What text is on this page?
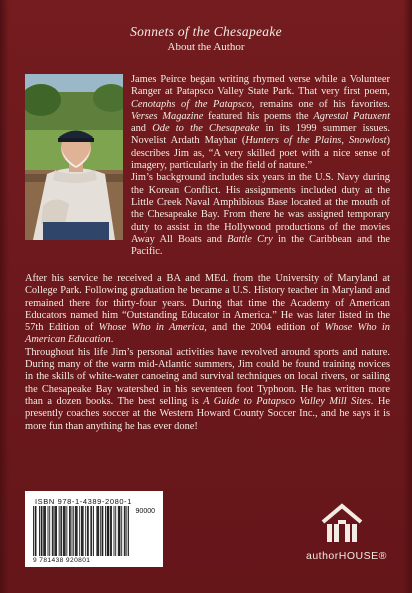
Sonnets of the Chesapeake
About the Author

James Peirce began writing rhymed verse while a Volunteer Ranger at Patapsco Valley State Park. That very first poem, Cenotaphs of the Patapsco, remains one of his favorites. Verses Magazine featured his poems the Agrestal Patuxent and Ode to the Chesapeake in its 1999 summer issues. Novelist Ardath Mayhar (Hunters of the Plains, Snowlost) describes Jim as, “A very skilled poet with a nice sense of imagery, particularly in the field of nature.”

Jim’s background includes six years in the U.S. Navy during the Korean Conflict. His assignments included duty at the Little Creek Naval Amphibious Base located at the mouth of the Chesapeake Bay. From there he was assigned temporary duty to assist in the Hollywood productions of the movies Away All Boats and Battle Cry in the Caribbean and the Pacific.

After his service he received a BA and MEd. from the University of Maryland at College Park. Following graduation he became a U.S. History teacher in Maryland and remained there for thirty-four years. During that time the Academy of American Educators named him “Outstanding Educator in America.” He was later listed in the 57th Edition of Whose Who in America, and the 2004 edition of Whose Who in American Education.

Throughout his life Jim’s personal activities have revolved around sports and nature. During many of the warm mid-Atlantic summers, Jim could be found training novices in the skills of white-water canoeing and survival techniques on local rivers, or sailing the Chesapeake Bay watershed in his seventeen foot Typhoon. He has written more than a dozen books. The best selling is A Guide to Patapsco Valley Mill Sites. He presently coaches soccer at the Western Howard County Soccer Inc., and he says it is more fun than anything he has ever done!

ISBN 978-1-4389-2080-1
90000
9 781438 920801	authorHOUSE®
